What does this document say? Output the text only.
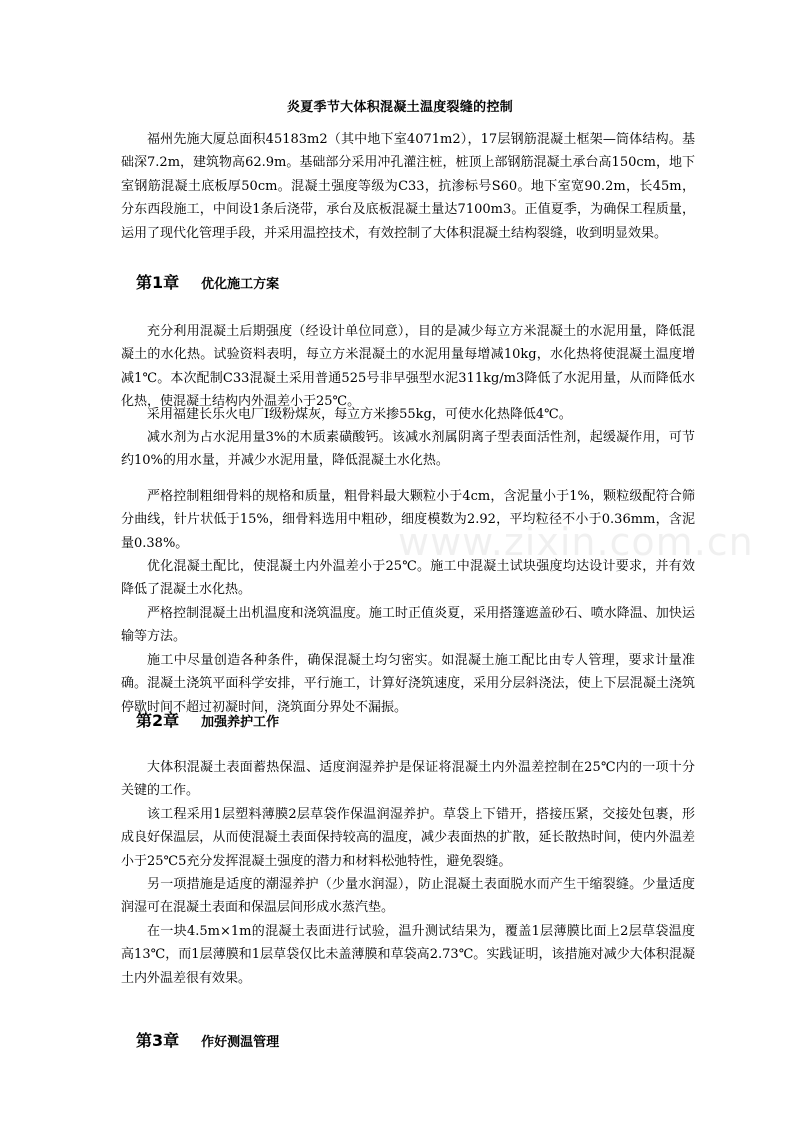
www.zixin.com.cn
炎夏季节大体积混凝土温度裂缝的控制

福州先施大厦总面积45183m2（其中地下室4071m2），17层钢筋混凝土框架—筒体结构。基础深7.2m，建筑物高62.9m。基础部分采用冲孔灌注桩，桩顶上部钢筋混凝土承台高150cm，地下室钢筋混凝土底板厚50cm。混凝土强度等级为C33，抗渗标号S60。地下室宽90.2m，长45m，分东西段施工，中间设1条后浇带，承台及底板混凝土量达7100m3。正值夏季，为确保工程质量，运用了现代化管理手段，并采用温控技术，有效控制了大体积混凝土结构裂缝，收到明显效果。

第1章 优化施工方案

充分利用混凝土后期强度（经设计单位同意），目的是减少每立方米混凝土的水泥用量，降低混凝土的水化热。试验资料表明，每立方米混凝土的水泥用量每增减10kg，水化热将使混凝土温度增减1℃。本次配制C33混凝土采用普通525号非早强型水泥311kg/m3降低了水泥用量，从而降低水化热，使混凝土结构内外温差小于25℃。

采用福建长乐火电厂I级粉煤灰，每立方米掺55kg，可使水化热降低4℃。

减水剂为占水泥用量3%的木质素磺酸钙。该减水剂属阴离子型表面活性剂，起缓凝作用，可节约10%的用水量，并减少水泥用量，降低混凝土水化热。

严格控制粗细骨料的规格和质量，粗骨料最大颗粒小于4cm，含泥量小于1%，颗粒级配符合筛分曲线，针片状低于15%，细骨料选用中粗砂，细度模数为2.92，平均粒径不小于0.36mm，含泥量0.38%。

优化混凝土配比，使混凝土内外温差小于25℃。施工中混凝土试块强度均达设计要求，并有效降低了混凝土水化热。

严格控制混凝土出机温度和浇筑温度。施工时正值炎夏，采用搭篷遮盖砂石、喷水降温、加快运输等方法。

施工中尽量创造各种条件，确保混凝土均匀密实。如混凝土施工配比由专人管理，要求计量准确。混凝土浇筑平面科学安排，平行施工，计算好浇筑速度，采用分层斜浇法，使上下层混凝土浇筑停歇时间不超过初凝时间，浇筑面分界处不漏振。

第2章 加强养护工作

大体积混凝土表面蓄热保温、适度润湿养护是保证将混凝土内外温差控制在25℃内的一项十分关键的工作。

该工程采用1层塑料薄膜2层草袋作保温润湿养护。草袋上下错开，搭接压紧，交接处包裹，形成良好保温层，从而使混凝土表面保持较高的温度，减少表面热的扩散，延长散热时间，使内外温差小于25℃5充分发挥混凝土强度的潜力和材料松弛特性，避免裂缝。

另一项措施是适度的潮湿养护（少量水润湿），防止混凝土表面脱水而产生干缩裂缝。少量适度润湿可在混凝土表面和保温层间形成水蒸汽垫。

在一块4.5m×1m的混凝土表面进行试验，温升测试结果为，覆盖1层薄膜比面上2层草袋温度高13℃，而1层薄膜和1层草袋仅比未盖薄膜和草袋高2.73℃。实践证明，该措施对减少大体积混凝土内外温差很有效果。

第3章 作好测温管理
